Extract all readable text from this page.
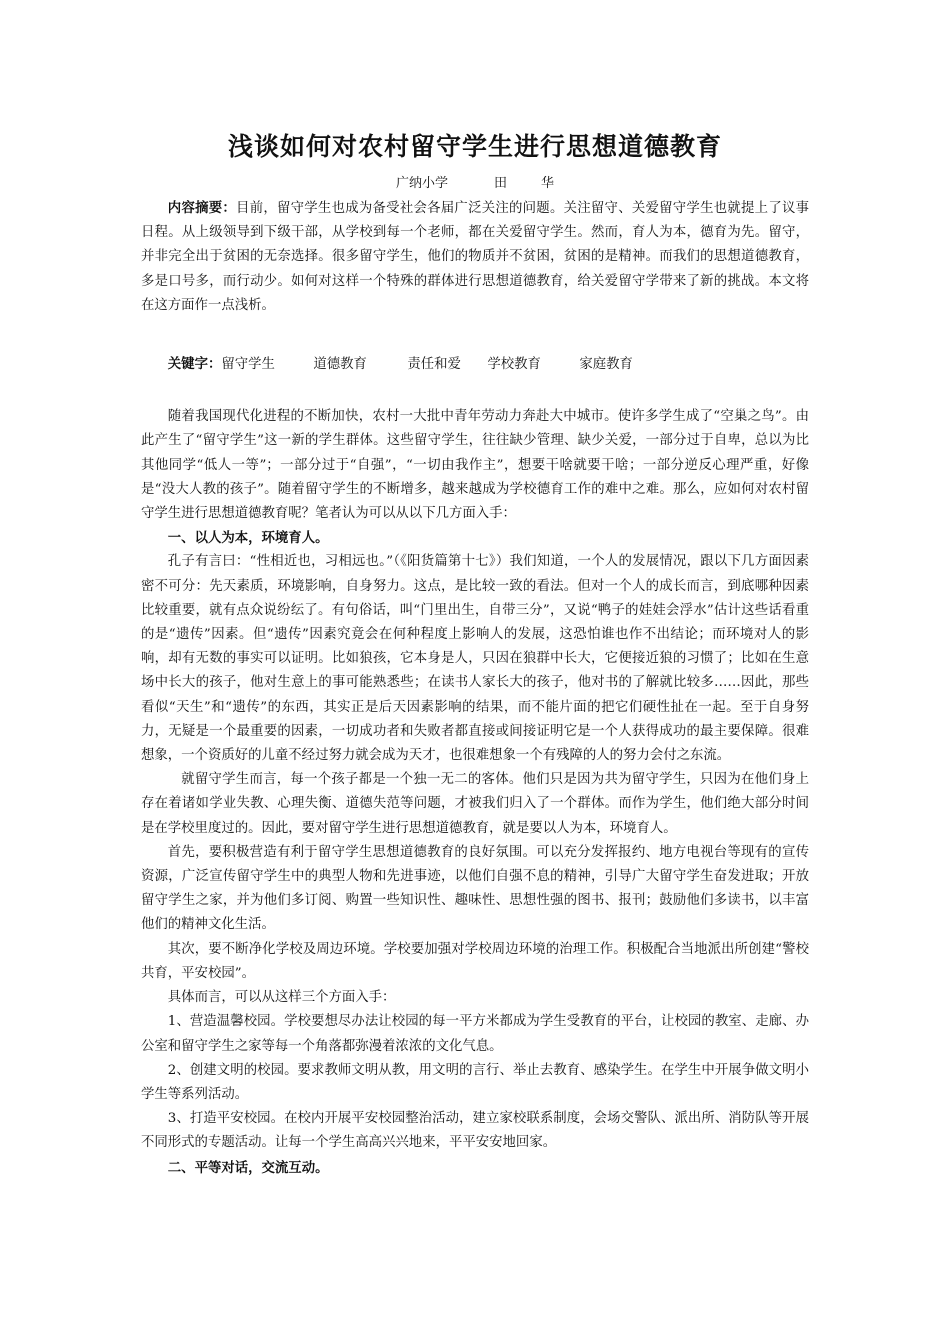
浅谈如何对农村留守学生进行思想道德教育
广纳小学	田	华

内容摘要：目前，留守学生也成为备受社会各届广泛关注的问题。关注留守、关爱留守学生也就提上了议事日程。从上级领导到下级干部，从学校到每一个老师，都在关爱留守学生。然而，育人为本，德育为先。留守，并非完全出于贫困的无奈选择。很多留守学生，他们的物质并不贫困，贫困的是精神。而我们的思想道德教育，多是口号多，而行动少。如何对这样一个特殊的群体进行思想道德教育，给关爱留守学带来了新的挑战。本文将在这方面作一点浅析。

关键字：留守学生	道德教育	责任和爱 学校教育	家庭教育

随着我国现代化进程的不断加快，农村一大批中青年劳动力奔赴大中城市。使许多学生成了“空巢之鸟”。由此产生了“留守学生”这一新的学生群体。这些留守学生，往往缺少管理、缺少关爱，一部分过于自卑，总以为比其他同学“低人一等”；一部分过于“自强”，“一切由我作主”，想要干啥就要干啥；一部分逆反心理严重，好像是“没大人教的孩子”。随着留守学生的不断增多，越来越成为学校德育工作的难中之难。那么，应如何对农村留守学生进行思想道德教育呢？笔者认为可以从以下几方面入手：

一、以人为本，环境育人。

孔子有言曰：“性相近也，习相远也。”（《阳货篇第十七》）我们知道，一个人的发展情况，跟以下几方面因素密不可分：先天素质，环境影响，自身努力。这点，是比较一致的看法。但对一个人的成长而言，到底哪种因素比较重要，就有点众说纷纭了。有句俗话，叫“门里出生，自带三分”，又说“鸭子的娃娃会浮水”估计这些话看重的是“遗传”因素。但“遗传”因素究竟会在何种程度上影响人的发展，这恐怕谁也作不出结论；而环境对人的影响，却有无数的事实可以证明。比如狼孩，它本身是人，只因在狼群中长大，它便接近狼的习惯了；比如在生意场中长大的孩子，他对生意上的事可能熟悉些；在读书人家长大的孩子，他对书的了解就比较多……因此，那些看似“天生”和“遗传”的东西，其实正是后天因素影响的结果，而不能片面的把它们硬性扯在一起。至于自身努力，无疑是一个最重要的因素，一切成功者和失败者都直接或间接证明它是一个人获得成功的最主要保障。很难想象，一个资质好的儿童不经过努力就会成为天才，也很难想象一个有残障的人的努力会付之东流。

就留守学生而言，每一个孩子都是一个独一无二的客体。他们只是因为共为留守学生，只因为在他们身上存在着诸如学业失教、心理失衡、道德失范等问题，才被我们归入了一个群体。而作为学生，他们绝大部分时间是在学校里度过的。因此，要对留守学生进行思想道德教育，就是要以人为本，环境育人。

首先，要积极营造有利于留守学生思想道德教育的良好氛围。可以充分发挥报约、地方电视台等现有的宣传资源，广泛宣传留守学生中的典型人物和先进事迹，以他们自强不息的精神，引导广大留守学生奋发进取；开放留守学生之家，并为他们多订阅、购置一些知识性、趣味性、思想性强的图书、报刊；鼓励他们多读书，以丰富他们的精神文化生活。

其次，要不断净化学校及周边环境。学校要加强对学校周边环境的治理工作。积极配合当地派出所创建“警校共育，平安校园”。

具体而言，可以从这样三个方面入手：

1、营造温馨校园。学校要想尽办法让校园的每一平方米都成为学生受教育的平台，让校园的教室、走廊、办公室和留守学生之家等每一个角落都弥漫着浓浓的文化气息。

2、创建文明的校园。要求教师文明从教，用文明的言行、举止去教育、感染学生。在学生中开展争做文明小学生等系列活动。

3、打造平安校园。在校内开展平安校园整治活动，建立家校联系制度，会场交警队、派出所、消防队等开展不同形式的专题活动。让每一个学生高高兴兴地来，平平安安地回家。

二、平等对话，交流互动。
